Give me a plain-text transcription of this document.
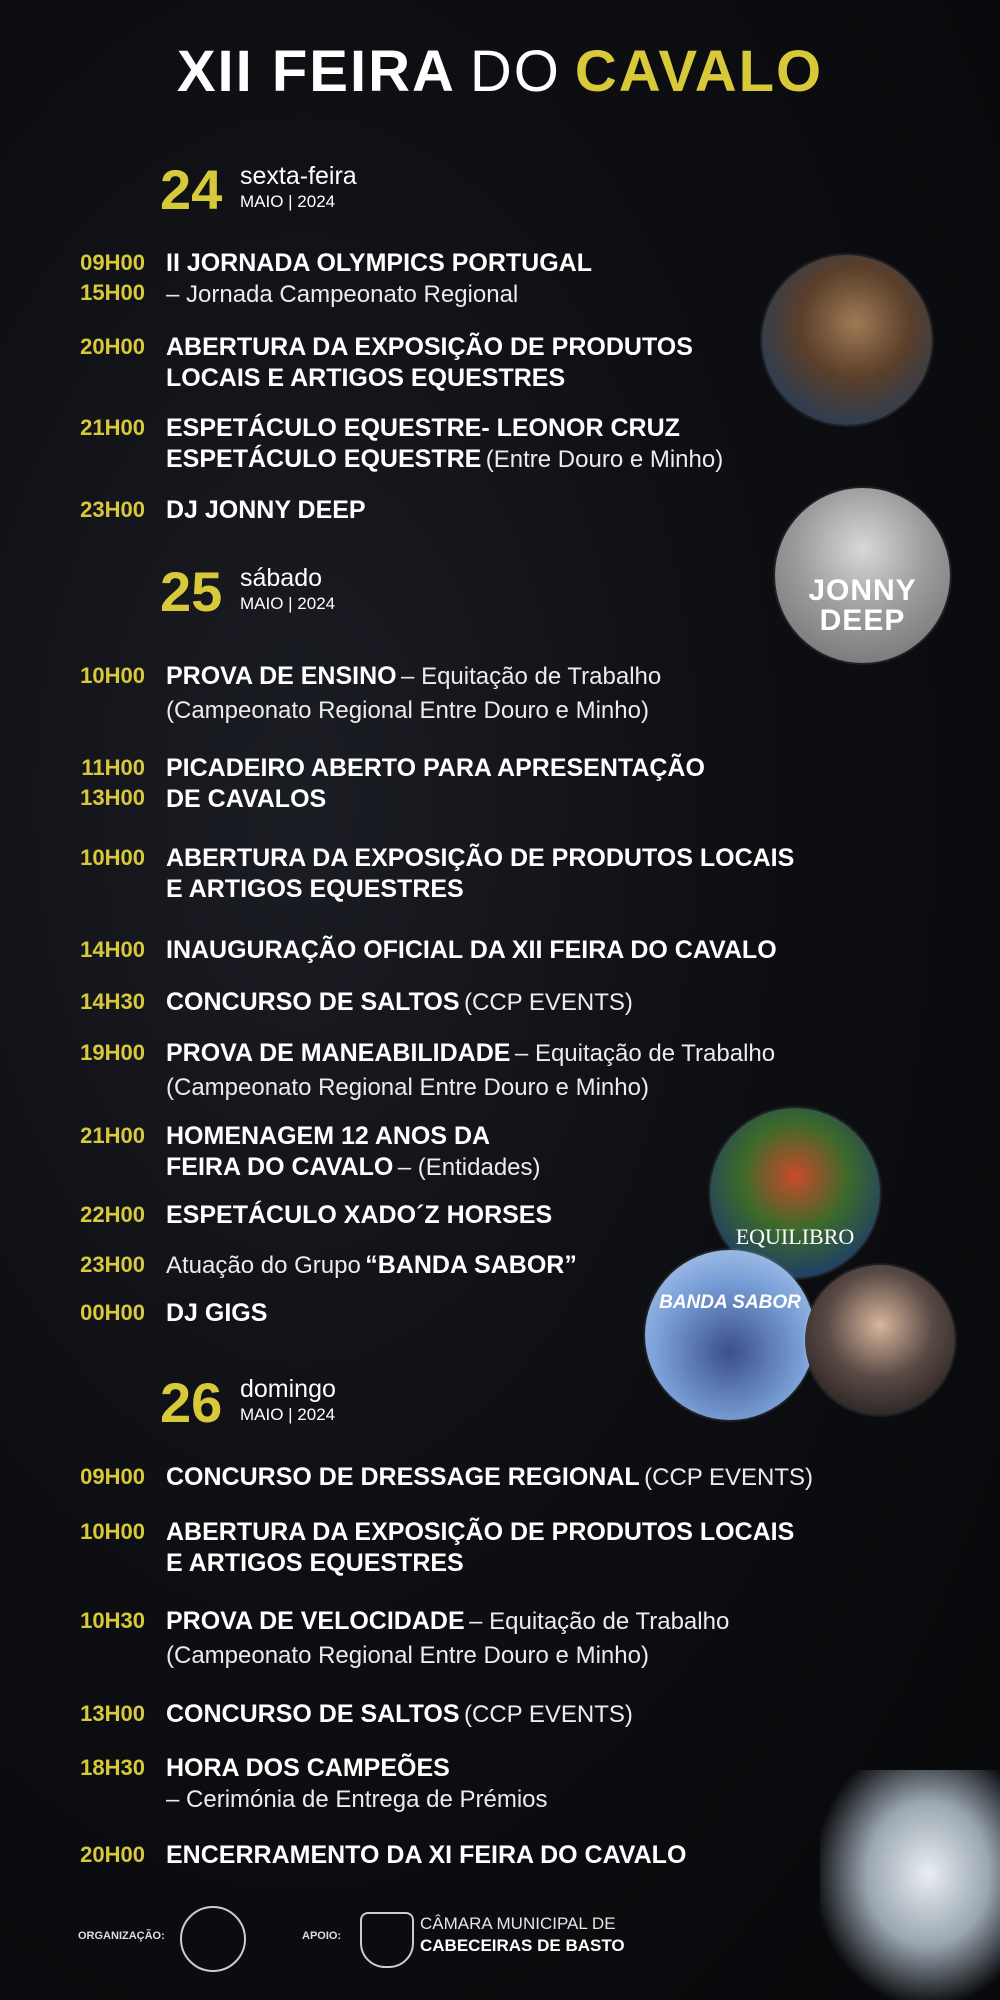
XII FEIRA DO CAVALO
24 sexta-feira
MAIO | 2024
09H00
15H00
II JORNADA OLYMPICS PORTUGAL
– Jornada Campeonato Regional
20H00 ABERTURA DA EXPOSIÇÃO DE PRODUTOS
LOCAIS E ARTIGOS EQUESTRES
21H00 ESPETÁCULO EQUESTRE- LEONOR CRUZ
ESPETÁCULO EQUESTRE (Entre Douro e Minho)
23H00 DJ JONNY DEEP
25 sábado
MAIO | 2024
10H00 PROVA DE ENSINO – Equitação de Trabalho
(Campeonato Regional Entre Douro e Minho)
11H00
13H00
PICADEIRO ABERTO PARA APRESENTAÇÃO
DE CAVALOS
10H00 ABERTURA DA EXPOSIÇÃO DE PRODUTOS LOCAIS
E ARTIGOS EQUESTRES
14H00 INAUGURAÇÃO OFICIAL DA XII FEIRA DO CAVALO
14H30 CONCURSO DE SALTOS (CCP EVENTS)
19H00 PROVA DE MANEABILIDADE – Equitação de Trabalho
(Campeonato Regional Entre Douro e Minho)
21H00 HOMENAGEM 12 ANOS DA
FEIRA DO CAVALO – (Entidades)
22H00 ESPETÁCULO XADO´Z HORSES
23H00 Atuação do Grupo “BANDA SABOR”
00H00 DJ GIGS
26 domingo
MAIO | 2024
09H00 CONCURSO DE DRESSAGE REGIONAL (CCP EVENTS)
10H00 ABERTURA DA EXPOSIÇÃO DE PRODUTOS LOCAIS
E ARTIGOS EQUESTRES
10H30 PROVA DE VELOCIDADE – Equitação de Trabalho
(Campeonato Regional Entre Douro e Minho)
13H00 CONCURSO DE SALTOS (CCP EVENTS)
18H30 HORA DOS CAMPEÕES
– Cerimónia de Entrega de Prémios
20H00 ENCERRAMENTO DA XI FEIRA DO CAVALO
JONNY DEEP
EQUILIBRO
BANDA SABOR
ORGANIZAÇÃO:	APOIO:
CÂMARA MUNICIPAL DE
CABECEIRAS DE BASTO
